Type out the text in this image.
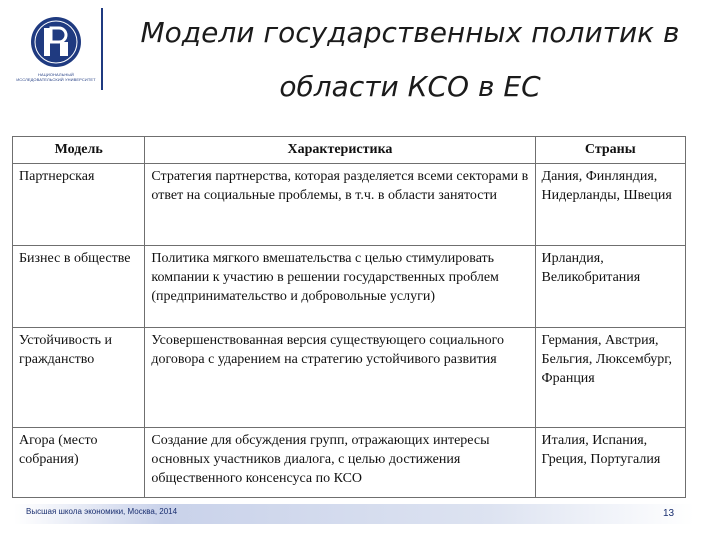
НАЦИОНАЛЬНЫЙ ИССЛЕДОВАТЕЛЬСКИЙ УНИВЕРСИТЕТ
Модели государственных политик в
области КСО в ЕС
Модель	Характеристика	Страны
Партнерская	Стратегия партнерства, которая разделяется всеми секторами в ответ на социальные проблемы, в т.ч. в области занятости	Дания, Финляндия, Нидерланды, Швеция
Бизнес в обществе	Политика мягкого вмешательства с целью стимулировать компании к участию в решении государственных проблем (предпринимательство и добровольные услуги)	Ирландия, Великобритания
Устойчивость и гражданство	Усовершенствованная версия существующего социального договора с ударением на стратегию устойчивого развития	Германия, Австрия, Бельгия, Люксембург, Франция
Агора (место собрания)	Создание для обсуждения групп, отражающих интересы основных участников диалога, с целью достижения общественного консенсуса по КСО	Италия, Испания, Греция, Португалия
Высшая школа экономики, Москва, 2014	13
